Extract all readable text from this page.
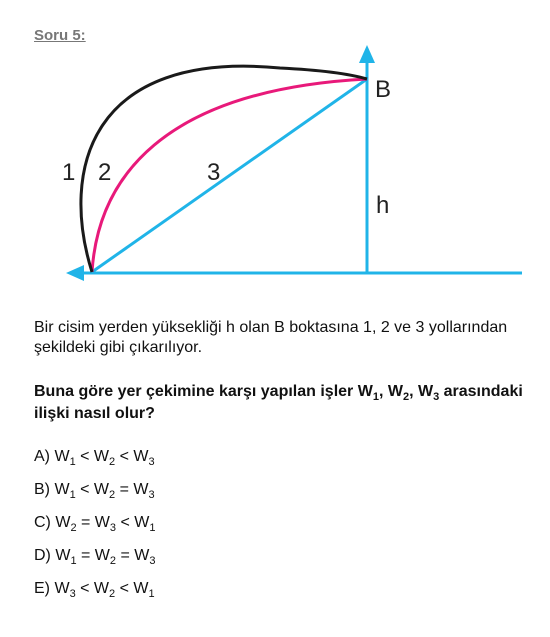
Soru 5:
1 2	3
h
B
Bir cisim yerden yüksekliği h olan B boktasına 1, 2 ve 3 yollarından şekildeki gibi çıkarılıyor.
Buna göre yer çekimine karşı yapılan işler $W_1$, $W_2$, $W_3$ arasındaki ilişki nasıl olur?
A) $W_1 < W_2 < W_3$
B) $W_1 < W_2 = W_3$
C) $W_2 = W_3 < W_1$
D) $W_1 = W_2 = W_3$
E) $W_3 < W_2 < W_1$
